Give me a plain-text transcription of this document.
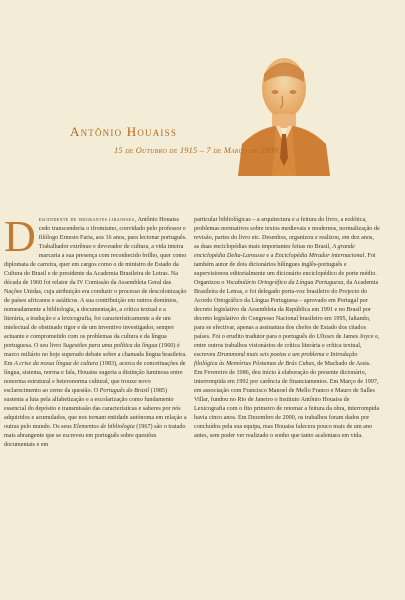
Antônio Houaiss
15 de Outubro de 1915 – 7 de Março de 1999

Descendente de imigrantes libaneses, Antônio Houaiss cedo transcenderia o ifromismo, convidado pelo professor e filólogo Ernesto Faria, aos 16 anos, para lecionar português. Trabalhador extrênuo e devorador de cultura, a vida inteira marcaria a sua presença com reconhecido brilho, quer como diplomata de carreira, quer em cargos como o de ministro de Estado da Cultura do Brasil e de presidente da Academia Brasileira de Letras. Na década de 1960 foi relator da IV Comissão da Assembleia Geral das Nações Unidas, cuja atribuição era conduzir o processo de descolonização de países africanos e asiáticos. A sua contribuição em outros domínios, nomeadamente a bibliologia, a documentação, a crítica textual e a literária, a tradução e a lexicografia, foi característicamente a de um intelectual de obstinado rigor e de um inventivo investigador, sempre actuante e comprometido com os problemas da cultura e da língua portuguesa. O seu livro Sugestões para uma política da língua (1960) é marco miliário no hoje superado debate sobre a chamada língua brasileira. Em A crise da nossa língua de cultura (1983), acerca de conceituações de língua, sistema, norma e fala, Houaiss sugeria a distinção luminosa entre nonorma estrutural e heteronorma cultural, que trouxe novo esclarecimento ao cerne da questão. O Português do Brasil (1985) sustenta a luta pela alfabetização e a escolarização como fundamento essencial do depósito e transmissão das características e saberes por nós adquiridos e acumulados, que nos tornam entidade autónoma em relação a outras pelo mundo. Os seus Elementos de bibliologia (1967) são o tratado mais abrangente que se escreveu em português sobre questões documentais e em

particular bibliológicas – a arquitectura e a feitura do livro, a ecdótica, problemas normativos sobre textos medievais e modernos, normalização de revisão, partes do livro etc. Desenhos, organizou e realizou, em dez anos, as duas enciclopédias mais importantes feitas no Brasil, A grande enciclopédia Delta-Larousse e a Enciclopédia Mirador internacional. Foi também autor de dois dicionários bilíngues inglês-português e supervisionou editorialmente um dicionário enciclopédico de porte médio. Organizou o Vocabulário Ortográfico da Língua Portuguesa, da Academia Brasileira de Letras, e foi delegado porta-voz brasileiro do Projecto do Acordo Ortográfico da Língua Portuguesa – aprovado em Portugal por decreto legislativo da Assembleia da República em 1991 e no Brasil por decreto legislativo do Congresso Nacional brasileiro em 1995, faltando, para se efectivar, apenas a assinatura dos chefes de Estado dos citados países. Foi o erudito tradutor para o português do Ulisses de James Joyce e, entre outros trabalhos visionários de crítica literária e crítica textual, escreveu Drummond mais seis poetas e um problema e Introdução filológica às Memórias Póstumas de Brás Cubas, de Machado de Assis. Em Fevereiro de 1986, deu início à elaboração do presente dicionário, interrompida em 1992 por carência de financiamentos. Em Março de 1997, em associação com Francisco Manoel de Mello Franco e Mauro de Salles Villar, fundou no Rio de Janeiro o Instituto Antônio Houaiss de Lexicografia com o fito primeiro de retomar a feitura da obra, interrompida havia cinco anos. Em Dezembro de 2000, os trabalhos foram dados por concluídos pela sua equipa, mas Houaiss falecera pouco mais de um ano antes, sem poder ver realizado o sonho que tanto acalentara em vida.
